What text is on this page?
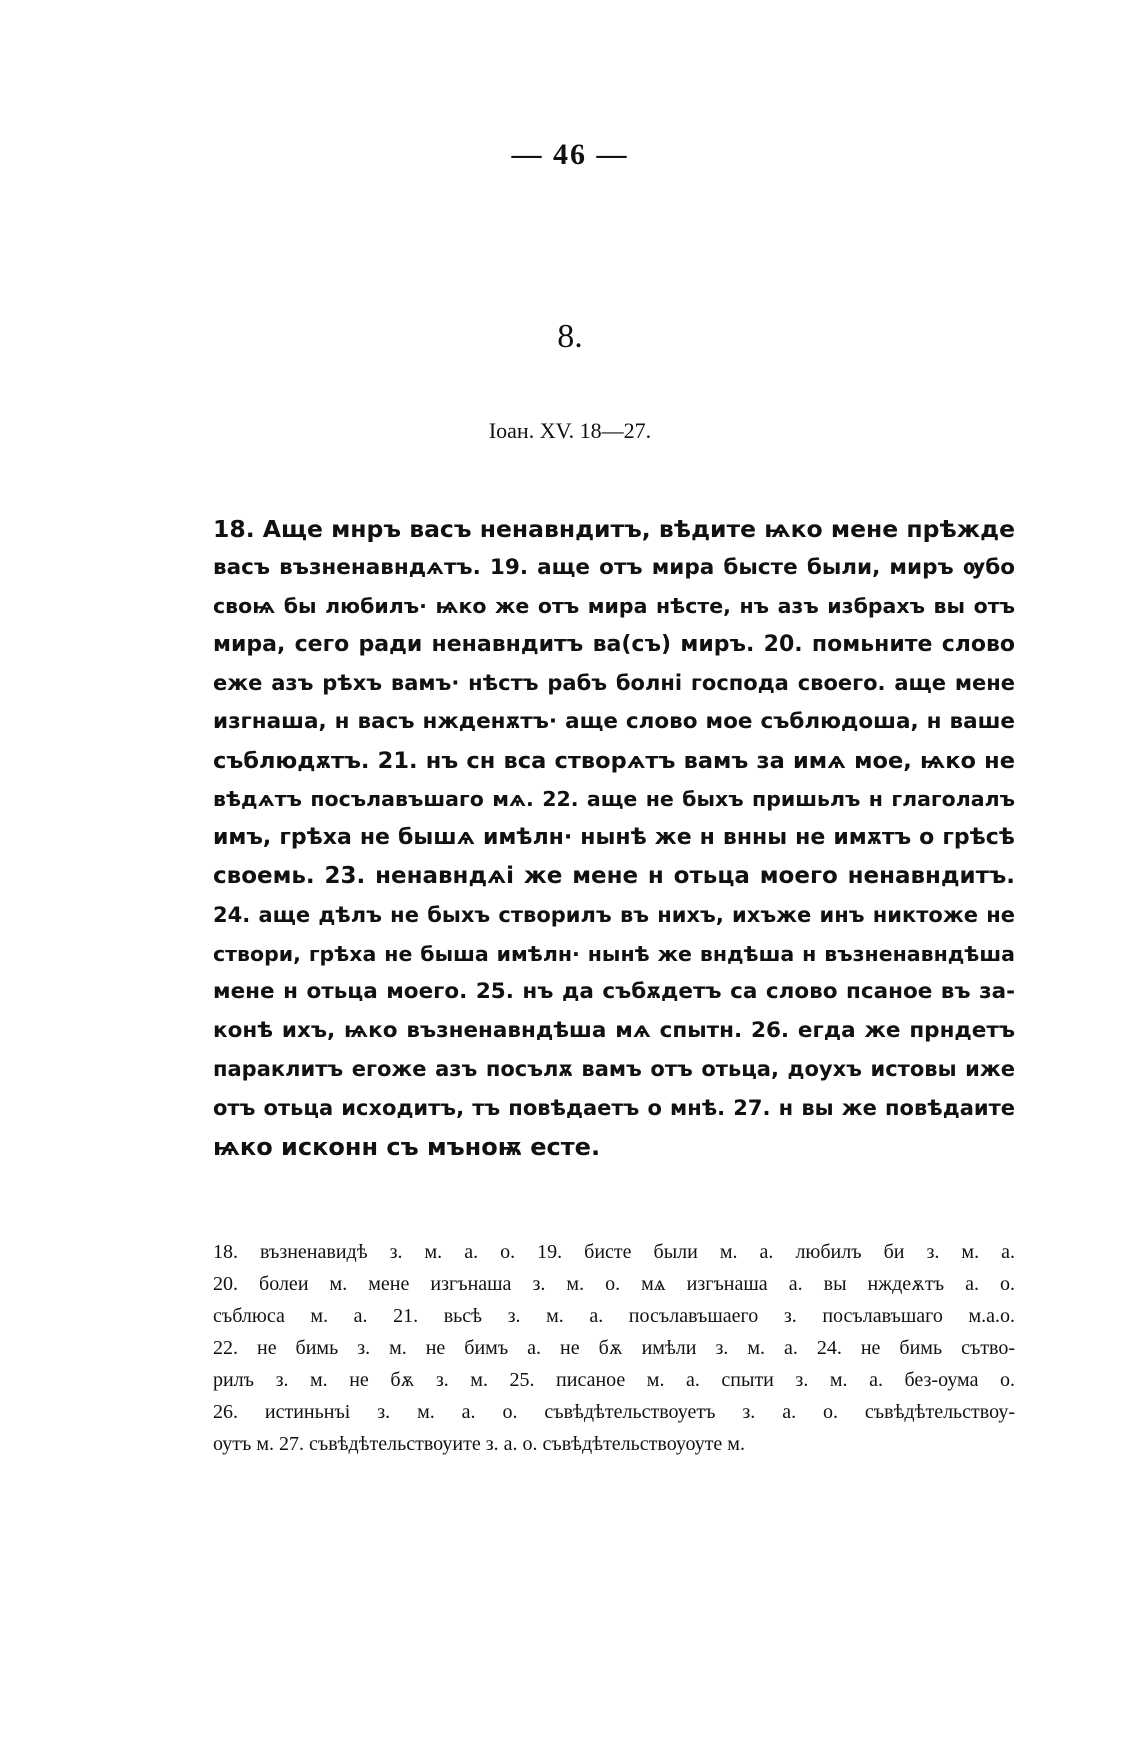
— 46 —
8.
Іоан. XV. 18—27.
18. Аще мнръ васъ ненавндитъ, вѣдите ѩко мене прѣжде
васъ възненавндѧтъ. 19. аще отъ мира бысте были, миръ ѹбо
своѩ бы любилъ· ѩко же отъ мира нѣсте, нъ азъ избрахъ вы отъ
мира, сего ради ненавндитъ ва(съ) миръ. 20. помьните слово
еже азъ рѣхъ вамъ· нѣстъ рабъ болні господа своего. аще мене
изгнаша, н васъ нжденѫтъ· аще слово мое съблюдоша, н ваше
съблюдѫтъ. 21. нъ сн вса створѧтъ вамъ за имѧ мое, ѩко не
вѣдѧтъ посълавъшаго мѧ. 22. аще не быхъ пришьлъ н глаголалъ
имъ, грѣха не бышѧ имѣлн· нынѣ же н внны не имѫтъ о грѣсѣ
своемь. 23. ненавндѧі же мене н отьца моего ненавндитъ.
24. аще дѣлъ не быхъ створилъ въ нихъ, ихъже инъ никтоже не
створи, грѣха не быша имѣлн· нынѣ же вндѣша н възненавндѣша
мене н отьца моего. 25. нъ да събѫдетъ са слово псаное въ за-
конѣ ихъ, ѩко възненавндѣша мѧ спытн. 26. егда же прндетъ
параклитъ егоже азъ посълѫ вамъ отъ отьца, доухъ истовы иже
отъ отьца исходитъ, тъ повѣдаетъ о мнѣ. 27. н вы же повѣдаите
ѩко исконн съ мъноѭ есте.
18. възненавидѣ з. м. а. о. 19. бисте были м. а. любилъ би з. м. а.
20. болеи м. мене изгънаша з. м. о. мѧ изгънаша а. вы нждеѫтъ а. о.
съблюса м. а. 21. вьсѣ з. м. а. посълавъшаего з. посълавъшаго м.а.о.
22. не бимь з. м. не бимъ а. не бѫ имѣли з. м. а. 24. не бимь сътво-
рилъ з. м. не бѫ з. м. 25. писаное м. а. спыти з. м. а. без-оума о.
26. истиньнъі з. м. а. о. съвѣдѣтельствоуетъ з. а. о. съвѣдѣтельствоу-
оутъ м. 27. съвѣдѣтельствоуите з. а. о. съвѣдѣтельствоуоуте м.
